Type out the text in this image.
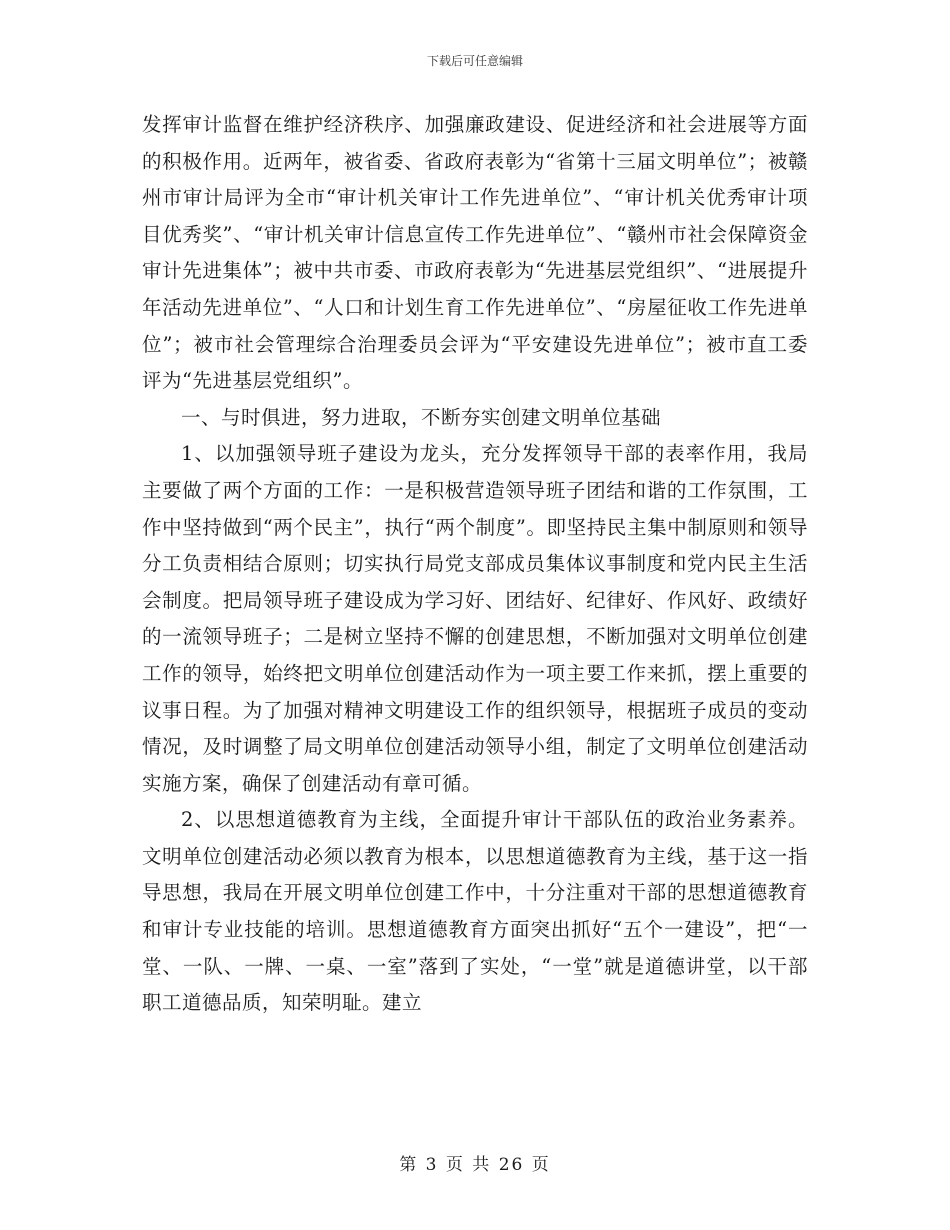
下载后可任意编辑

发挥审计监督在维护经济秩序、加强廉政建设、促进经济和社会进展等方面的积极作用。近两年，被省委、省政府表彰为“省第十三届文明单位”；被赣州市审计局评为全市“审计机关审计工作先进单位”、“审计机关优秀审计项目优秀奖”、“审计机关审计信息宣传工作先进单位”、“赣州市社会保障资金审计先进集体”；被中共市委、市政府表彰为“先进基层党组织”、“进展提升年活动先进单位”、“人口和计划生育工作先进单位”、“房屋征收工作先进单位”；被市社会管理综合治理委员会评为“平安建设先进单位”；被市直工委评为“先进基层党组织”。

一、与时俱进，努力进取，不断夯实创建文明单位基础

1、以加强领导班子建设为龙头，充分发挥领导干部的表率作用，我局主要做了两个方面的工作：一是积极营造领导班子团结和谐的工作氛围，工作中坚持做到“两个民主”，执行“两个制度”。即坚持民主集中制原则和领导分工负责相结合原则；切实执行局党支部成员集体议事制度和党内民主生活会制度。把局领导班子建设成为学习好、团结好、纪律好、作风好、政绩好的一流领导班子；二是树立坚持不懈的创建思想，不断加强对文明单位创建工作的领导，始终把文明单位创建活动作为一项主要工作来抓，摆上重要的议事日程。为了加强对精神文明建设工作的组织领导，根据班子成员的变动情况，及时调整了局文明单位创建活动领导小组，制定了文明单位创建活动实施方案，确保了创建活动有章可循。

2、以思想道德教育为主线，全面提升审计干部队伍的政治业务素养。文明单位创建活动必须以教育为根本，以思想道德教育为主线，基于这一指导思想，我局在开展文明单位创建工作中，十分注重对干部的思想道德教育和审计专业技能的培训。思想道德教育方面突出抓好“五个一建设”，把“一堂、一队、一牌、一桌、一室”落到了实处，“一堂”就是道德讲堂，以干部职工道德品质，知荣明耻。建立

第 3 页 共 26 页
